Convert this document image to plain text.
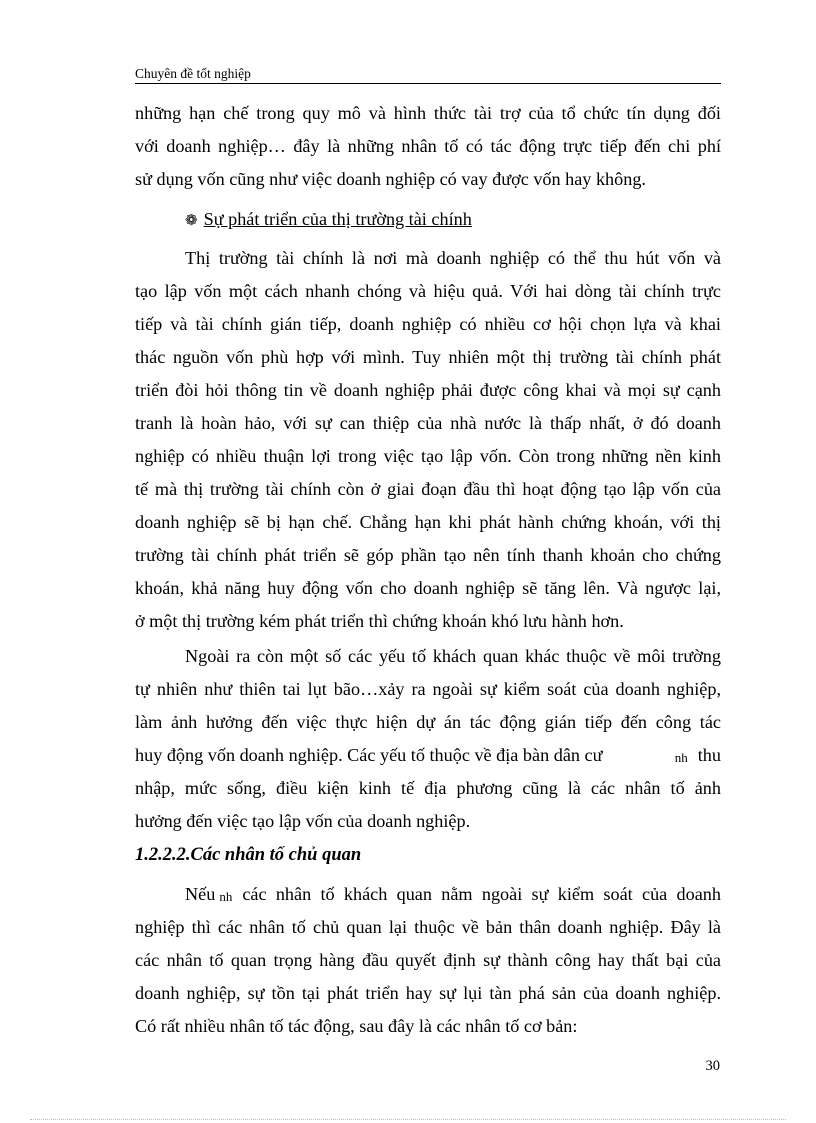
Chuyên đề tốt nghiệp
những hạn chế trong quy mô và hình thức tài trợ của tổ chức tín dụng đối
với doanh nghiệp… đây là những nhân tố có tác động trực tiếp đến chi phí
sử dụng vốn cũng như việc doanh nghiệp có vay được vốn hay không.
❁ Sự phát triển của thị trường tài chính
Thị trường tài chính là nơi mà doanh nghiệp có thể thu hút vốn và
tạo lập vốn một cách nhanh chóng và hiệu quả. Với hai dòng tài chính trực
tiếp và tài chính gián tiếp, doanh nghiệp có nhiều cơ hội chọn lựa và khai
thác nguồn vốn phù hợp với mình. Tuy nhiên một thị trường tài chính phát
triển đòi hỏi thông tin về doanh nghiệp phải được công khai và mọi sự cạnh
tranh là hoàn hảo, với sự can thiệp của nhà nước là thấp nhất, ở đó doanh
nghiệp có nhiều thuận lợi trong việc tạo lập vốn. Còn trong những nền kinh
tế mà thị trường tài chính còn ở giai đoạn đầu thì hoạt động tạo lập vốn của
doanh nghiệp sẽ bị hạn chế. Chẳng hạn khi phát hành chứng khoán, với thị
trường tài chính phát triển sẽ góp phần tạo nên tính thanh khoản cho chứng
khoán, khả năng huy động vốn cho doanh nghiệp sẽ tăng lên. Và ngược lại,
ở một thị trường kém phát triển thì chứng khoán khó lưu hành hơn.
Ngoài ra còn một số các yếu tố khách quan khác thuộc về môi trường
tự nhiên như thiên tai lụt bão…xảy ra ngoài sự kiểm soát của doanh nghiệp,
làm ảnh hưởng đến việc thực hiện dự án tác động gián tiếp đến công tác
huy động vốn doanh nghiệp. Các yếu tố thuộc về địa bàn dân cư	nh thu
nhập, mức sống, điều kiện kinh tế địa phương cũng là các nhân tố ảnh
hưởng đến việc tạo lập vốn của doanh nghiệp.
1.2.2.2.Các nhân tố chủ quan
Nếu nh các nhân tố khách quan nằm ngoài sự kiểm soát của doanh
nghiệp thì các nhân tố chủ quan lại thuộc về bản thân doanh nghiệp. Đây là
các nhân tố quan trọng hàng đầu quyết định sự thành công hay thất bại của
doanh nghiệp, sự tồn tại phát triển hay sự lụi tàn phá sản của doanh nghiệp.
Có rất nhiều nhân tố tác động, sau đây là các nhân tố cơ bản:
30
